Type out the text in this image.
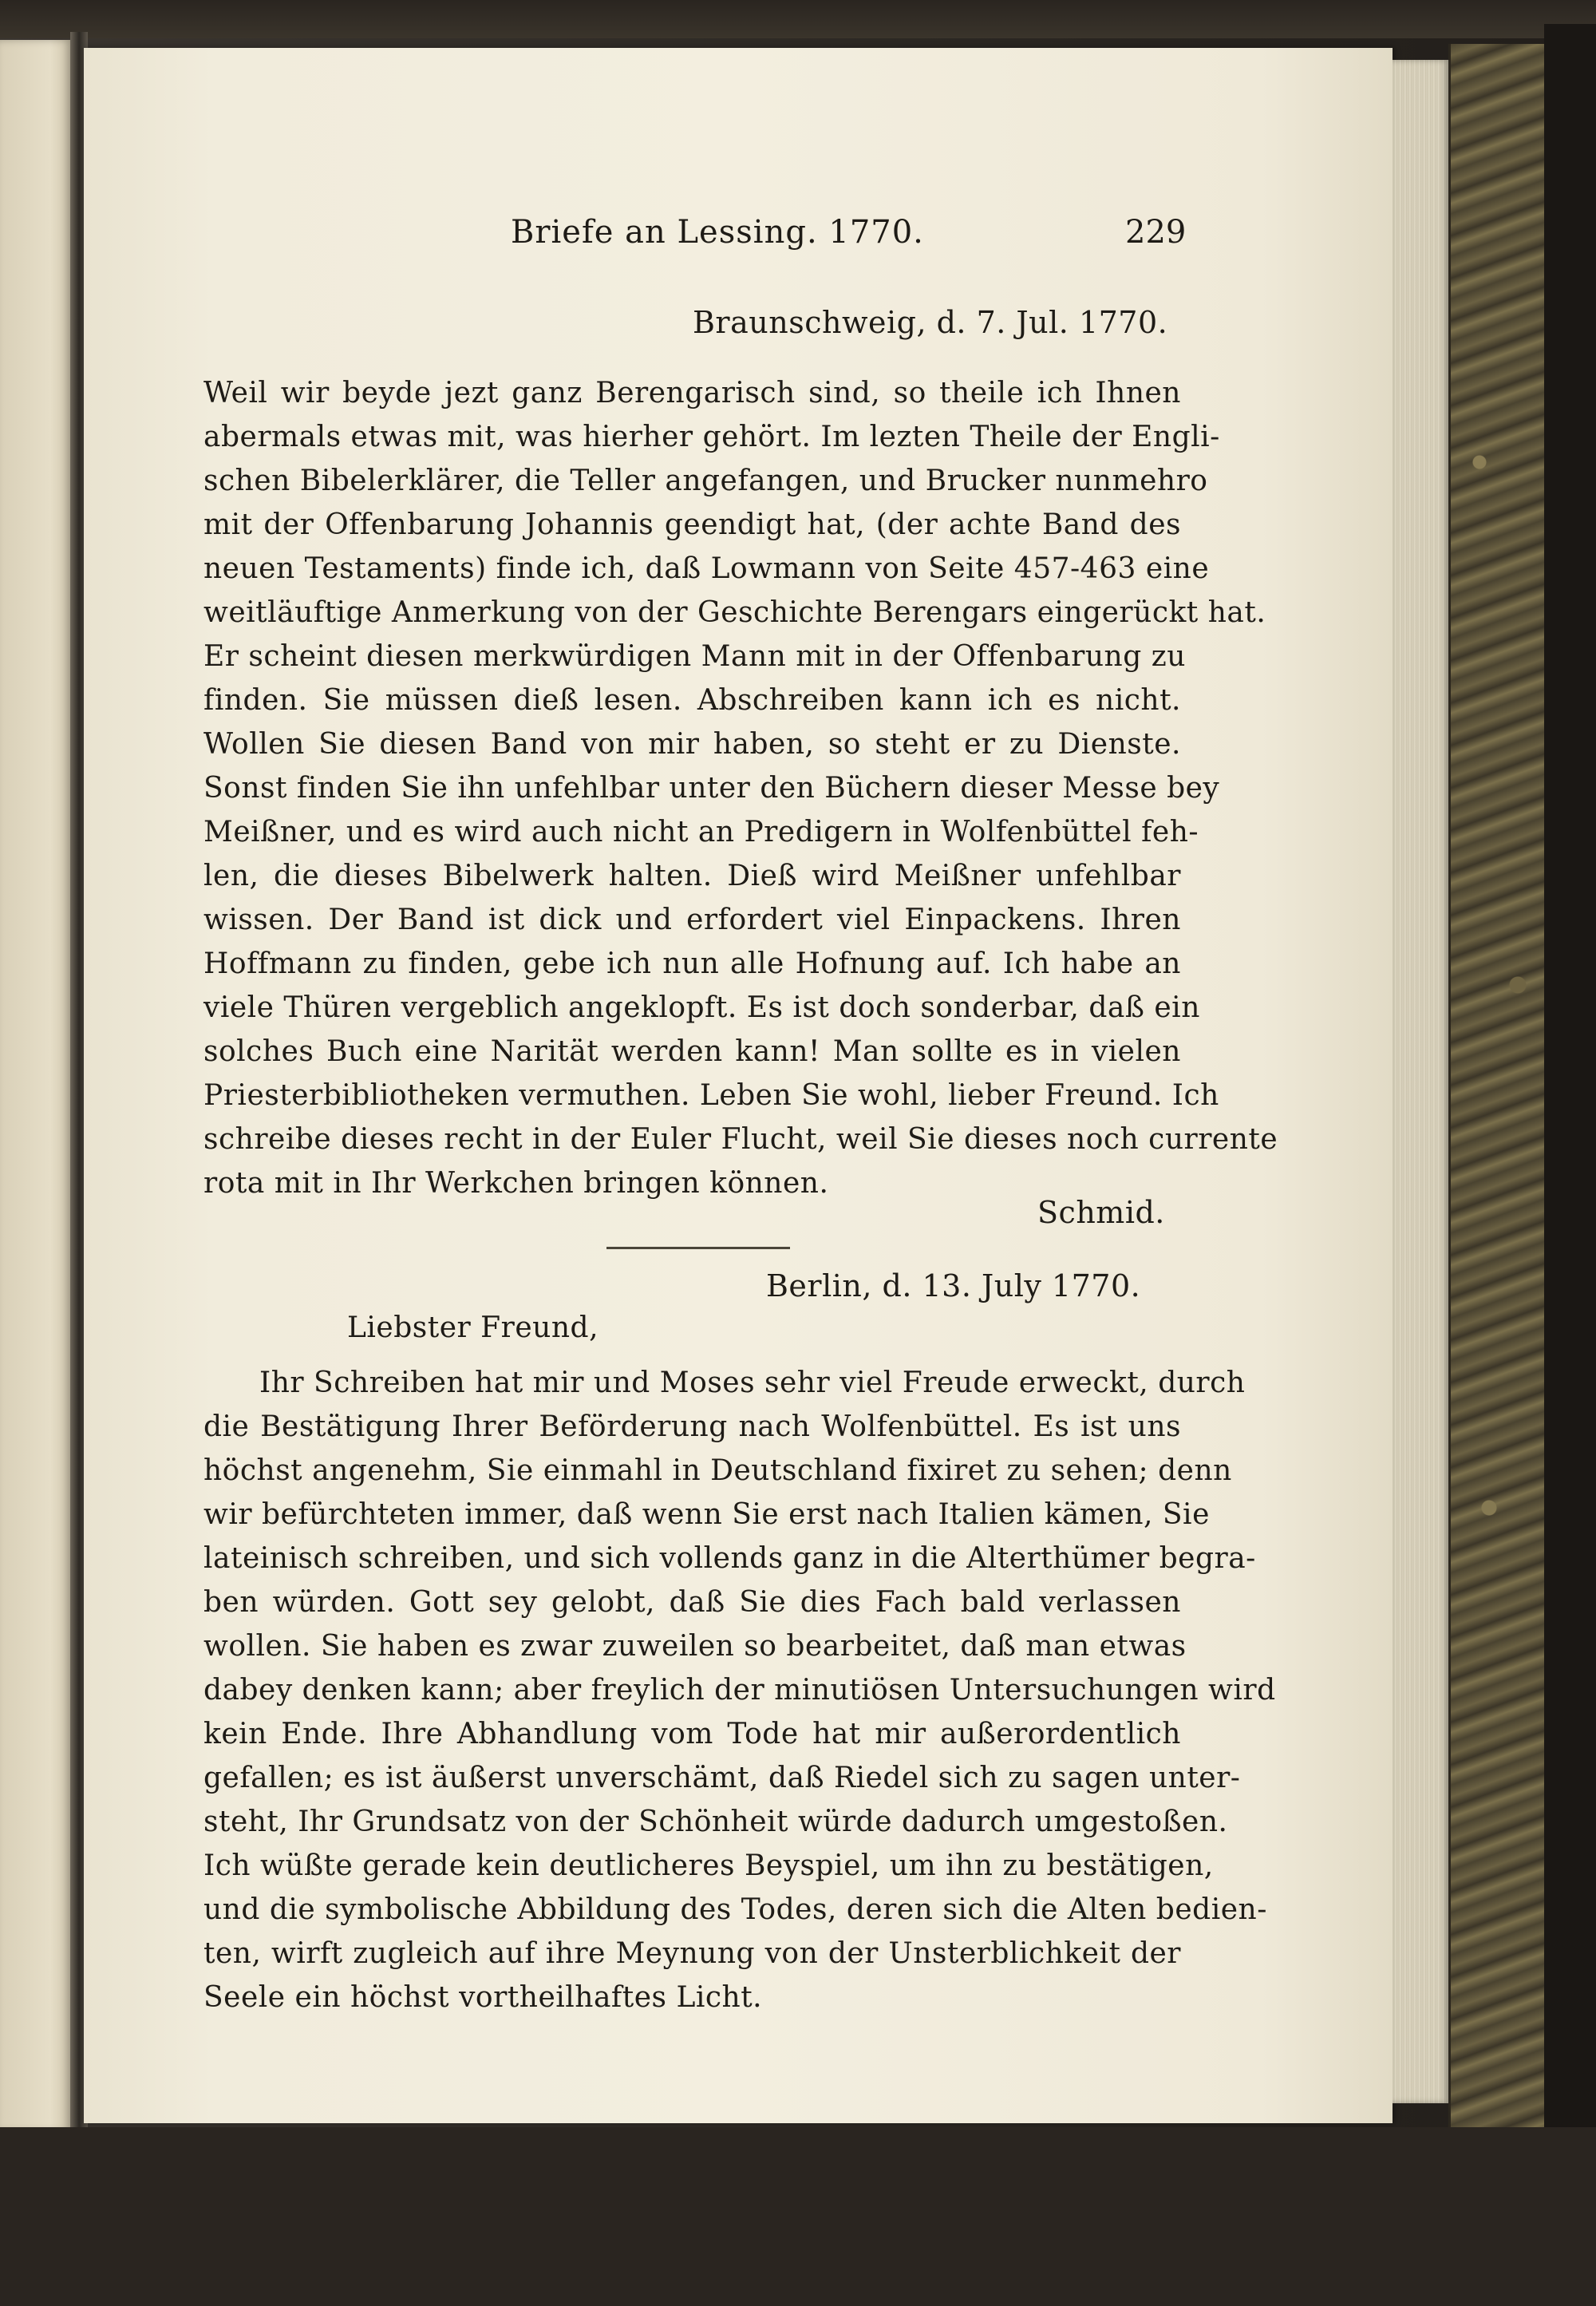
Briefe an Lessing. 1770.	229
Braunschweig, d. 7. Jul. 1770.
Weil wir beyde jezt ganz Berengarisch sind, so theile ich Ihnen
abermals etwas mit, was hierher gehört. Im lezten Theile der Engli-
schen Bibelerklärer, die Teller angefangen, und Brucker nunmehro
mit der Offenbarung Johannis geendigt hat, (der achte Band des
neuen Testaments) finde ich, daß Lowmann von Seite 457-463 eine
weitläuftige Anmerkung von der Geschichte Berengars eingerückt hat.
Er scheint diesen merkwürdigen Mann mit in der Offenbarung zu
finden. Sie müssen dieß lesen. Abschreiben kann ich es nicht.
Wollen Sie diesen Band von mir haben, so steht er zu Dienste.
Sonst finden Sie ihn unfehlbar unter den Büchern dieser Messe bey
Meißner, und es wird auch nicht an Predigern in Wolfenbüttel feh-
len, die dieses Bibelwerk halten. Dieß wird Meißner unfehlbar
wissen. Der Band ist dick und erfordert viel Einpackens. Ihren
Hoffmann zu finden, gebe ich nun alle Hofnung auf. Ich habe an
viele Thüren vergeblich angeklopft. Es ist doch sonderbar, daß ein
solches Buch eine Narität werden kann! Man sollte es in vielen
Priesterbibliotheken vermuthen. Leben Sie wohl, lieber Freund. Ich
schreibe dieses recht in der Euler Flucht, weil Sie dieses noch currente
rota mit in Ihr Werkchen bringen können.
Schmid.
Berlin, d. 13. July 1770.
Liebster Freund,
Ihr Schreiben hat mir und Moses sehr viel Freude erweckt, durch
die Bestätigung Ihrer Beförderung nach Wolfenbüttel. Es ist uns
höchst angenehm, Sie einmahl in Deutschland fixiret zu sehen; denn
wir befürchteten immer, daß wenn Sie erst nach Italien kämen, Sie
lateinisch schreiben, und sich vollends ganz in die Alterthümer begra-
ben würden. Gott sey gelobt, daß Sie dies Fach bald verlassen
wollen. Sie haben es zwar zuweilen so bearbeitet, daß man etwas
dabey denken kann; aber freylich der minutiösen Untersuchungen wird
kein Ende. Ihre Abhandlung vom Tode hat mir außerordentlich
gefallen; es ist äußerst unverschämt, daß Riedel sich zu sagen unter-
steht, Ihr Grundsatz von der Schönheit würde dadurch umgestoßen.
Ich wüßte gerade kein deutlicheres Beyspiel, um ihn zu bestätigen,
und die symbolische Abbildung des Todes, deren sich die Alten bedien-
ten, wirft zugleich auf ihre Meynung von der Unsterblichkeit der
Seele ein höchst vortheilhaftes Licht.
